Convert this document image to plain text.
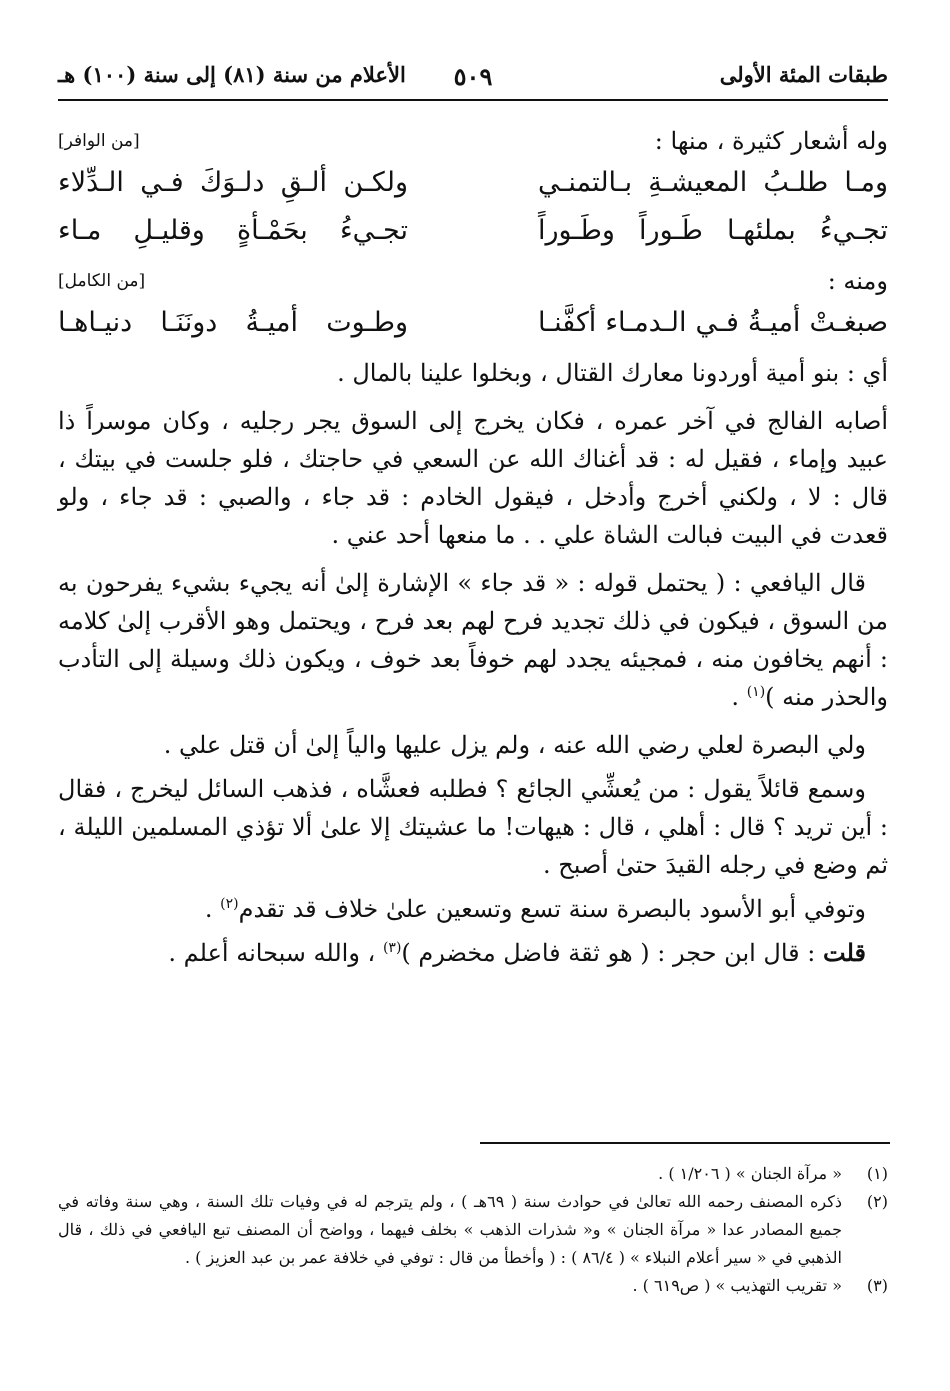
طبقات المئة الأولى
٥٠٩
الأعلام من سنة (٨١) إلى سنة (١٠٠) هـ
وله أشعار كثيرة ، منها :
[من الوافر]
ومـا طلـبُ المعيشـةِ بـالتمنـي
ولكـن ألـقِ دلـوَكَ فـي الـدِّلاء
تجـيءُ بملئهـا طَـوراً وطَـوراً
تجـيءُ بحَمْـأةٍ وقليـلِ مـاء
ومنه :
[من الكامل]
صبغـتْ أميـةُ فـي الـدمـاء أكفَّنـا
وطـوت أميـةُ دونَنَـا دنيـاهـا

أي : بنو أمية أوردونا معارك القتال ، وبخلوا علينا بالمال .

أصابه الفالج في آخر عمره ، فكان يخرج إلى السوق يجر رجليه ، وكان موسراً ذا عبيد وإماء ، فقيل له : قد أغناك الله عن السعي في حاجتك ، فلو جلست في بيتك ، قال : لا ، ولكني أخرج وأدخل ، فيقول الخادم : قد جاء ، والصبي : قد جاء ، ولو قعدت في البيت فبالت الشاة علي . . ما منعها أحد عني .

قال اليافعي : ( يحتمل قوله : « قد جاء » الإشارة إلىٰ أنه يجيء بشيء يفرحون به من السوق ، فيكون في ذلك تجديد فرح لهم بعد فرح ، ويحتمل وهو الأقرب إلىٰ كلامه : أنهم يخافون منه ، فمجيئه يجدد لهم خوفاً بعد خوف ، ويكون ذلك وسيلة إلى التأدب والحذر منه )$^{(١)}$ .

ولي البصرة لعلي رضي الله عنه ، ولم يزل عليها والياً إلىٰ أن قتل علي .

وسمع قائلاً يقول : من يُعشِّي الجائع ؟ فطلبه فعشَّاه ، فذهب السائل ليخرج ، فقال : أين تريد ؟ قال : أهلي ، قال : هيهات! ما عشيتك إلا علىٰ ألا تؤذي المسلمين الليلة ، ثم وضع في رجله القيدَ حتىٰ أصبح .

وتوفي أبو الأسود بالبصرة سنة تسع وتسعين علىٰ خلاف قد تقدم$^{(٢)}$ .

قلت : قال ابن حجر : ( هو ثقة فاضل مخضرم )$^{(٣)}$ ، والله سبحانه أعلم .

(١)
« مرآة الجنان » ( ١/٢٠٦ ) .
(٢)
ذكره المصنف رحمه الله تعالىٰ في حوادث سنة ( ٦٩هـ ) ، ولم يترجم له في وفيات تلك السنة ، وهي سنة وفاته في جميع المصادر عدا « مرآة الجنان » و« شذرات الذهب » بخلف فيهما ، وواضح أن المصنف تبع اليافعي في ذلك ، قال الذهبي في « سير أعلام النبلاء » ( ٨٦/٤ ) : ( وأخطأ من قال : توفي في خلافة عمر بن عبد العزيز ) .
(٣)
« تقريب التهذيب » ( ص٦١٩ ) .
